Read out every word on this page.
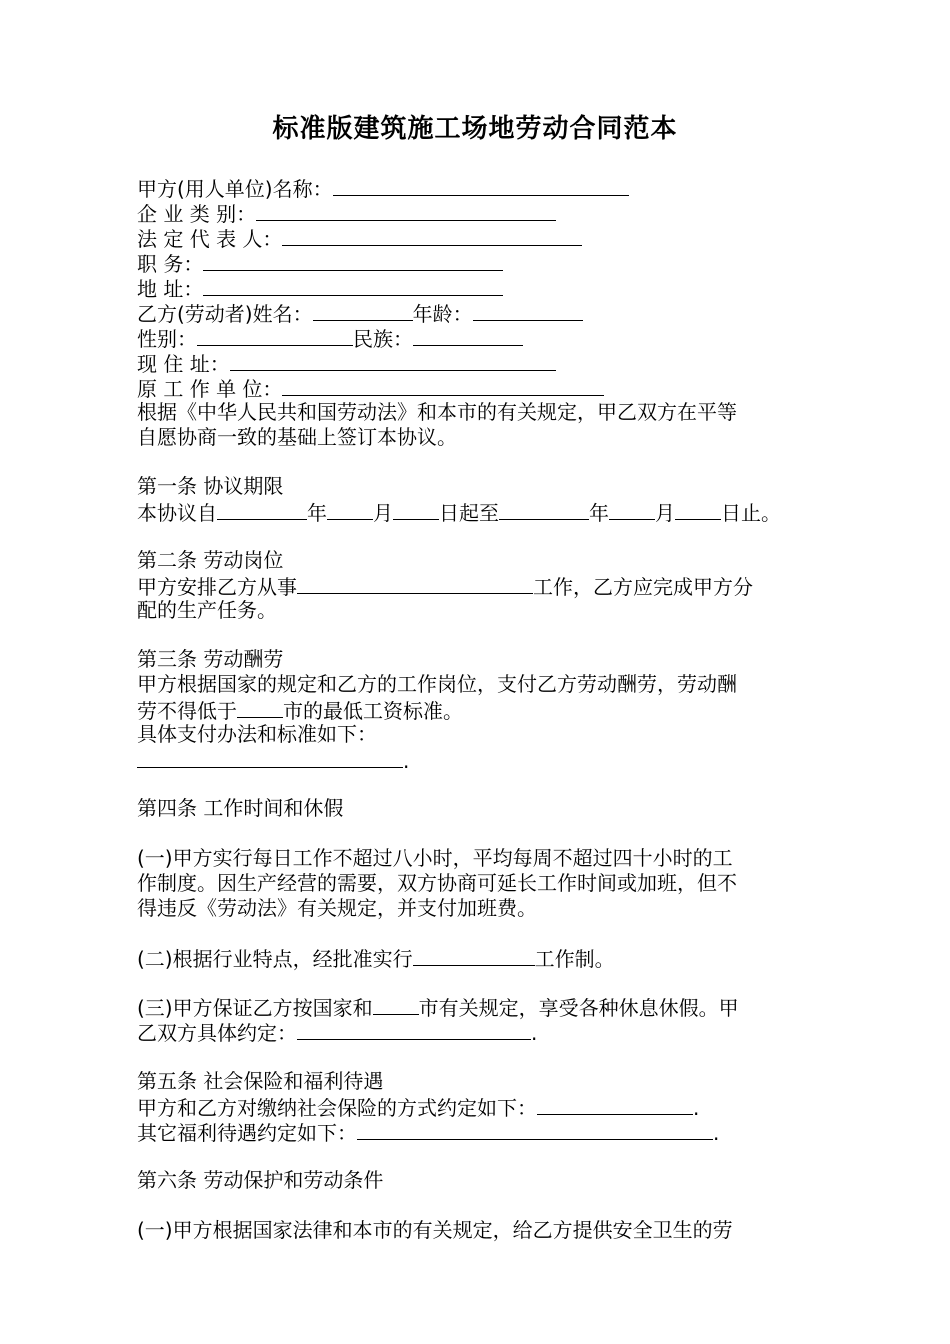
标准版建筑施工场地劳动合同范本
甲方(用人单位)名称：
企 业 类 别：
法 定 代 表 人：
职 务：
地 址：
乙方(劳动者)姓名：	年龄：
性别：	民族：
现 住 址：
原 工 作 单 位：
根据《中华人民共和国劳动法》和本市的有关规定，甲乙双方在平等
自愿协商一致的基础上签订本协议。
第一条 协议期限
本协议自	年 月 日起至	年 月 日止。
第二条 劳动岗位
甲方安排乙方从事	工作，乙方应完成甲方分
配的生产任务。
第三条 劳动酬劳
甲方根据国家的规定和乙方的工作岗位，支付乙方劳动酬劳，劳动酬
劳不得低于 市的最低工资标准。
具体支付办法和标准如下：
.
第四条 工作时间和休假
(一)甲方实行每日工作不超过八小时，平均每周不超过四十小时的工
作制度。因生产经营的需要，双方协商可延长工作时间或加班，但不
得违反《劳动法》有关规定，并支付加班费。
(二)根据行业特点，经批准实行	工作制。
(三)甲方保证乙方按国家和 市有关规定，享受各种休息休假。甲
乙双方具体约定：	.
第五条 社会保险和福利待遇
甲方和乙方对缴纳社会保险的方式约定如下：	.
其它福利待遇约定如下：	.
第六条 劳动保护和劳动条件
(一)甲方根据国家法律和本市的有关规定，给乙方提供安全卫生的劳
